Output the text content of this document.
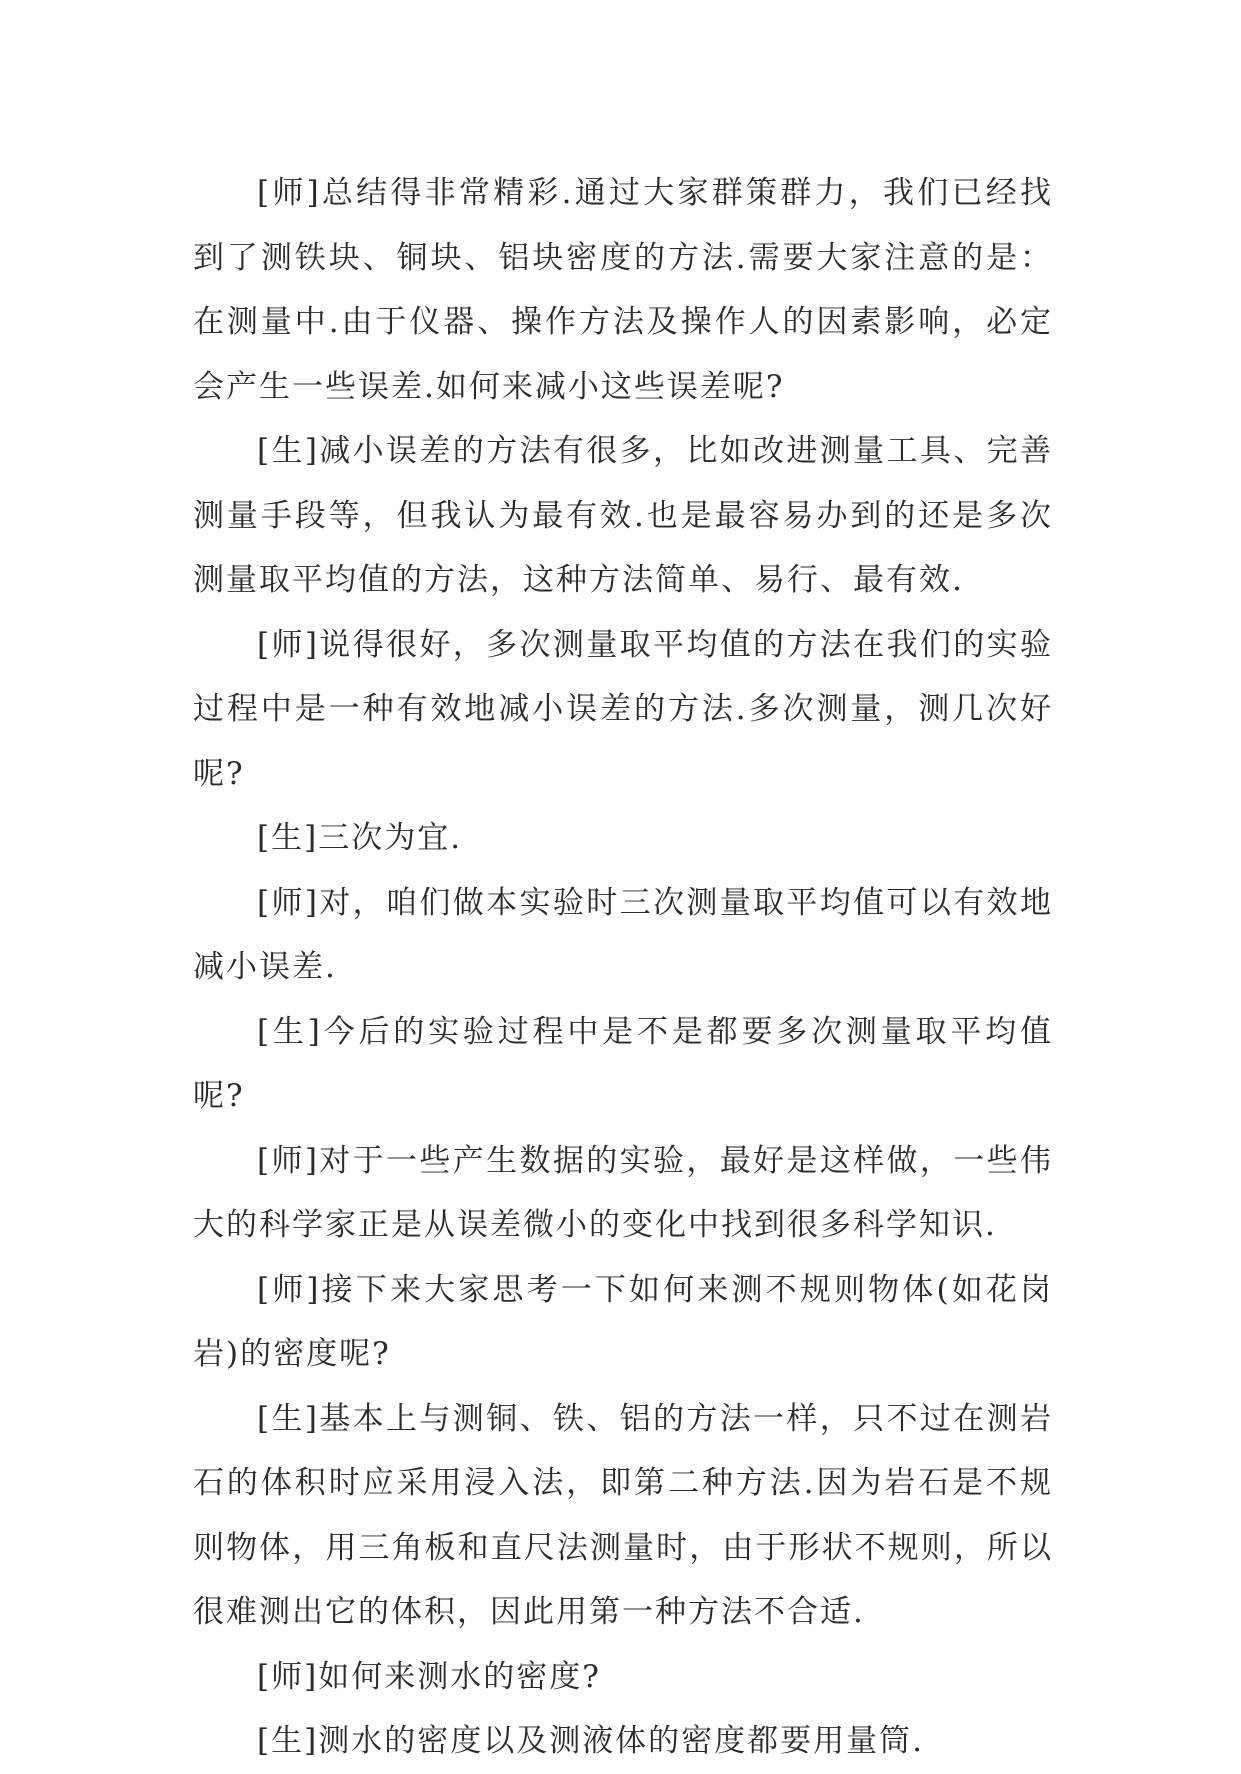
[师]总结得非常精彩.通过大家群策群力，我们已经找到了测铁块、铜块、铝块密度的方法.需要大家注意的是：在测量中.由于仪器、操作方法及操作人的因素影响，必定会产生一些误差.如何来减小这些误差呢?

[生]减小误差的方法有很多，比如改进测量工具、完善测量手段等，但我认为最有效.也是最容易办到的还是多次测量取平均值的方法，这种方法简单、易行、最有效.

[师]说得很好，多次测量取平均值的方法在我们的实验过程中是一种有效地减小误差的方法.多次测量，测几次好呢?

[生]三次为宜.

[师]对，咱们做本实验时三次测量取平均值可以有效地减小误差.

[生]今后的实验过程中是不是都要多次测量取平均值呢?

[师]对于一些产生数据的实验，最好是这样做，一些伟大的科学家正是从误差微小的变化中找到很多科学知识.

[师]接下来大家思考一下如何来测不规则物体(如花岗岩)的密度呢?

[生]基本上与测铜、铁、铝的方法一样，只不过在测岩石的体积时应采用浸入法，即第二种方法.因为岩石是不规则物体，用三角板和直尺法测量时，由于形状不规则，所以很难测出它的体积，因此用第一种方法不合适.

[师]如何来测水的密度?

[生]测水的密度以及测液体的密度都要用量筒.
